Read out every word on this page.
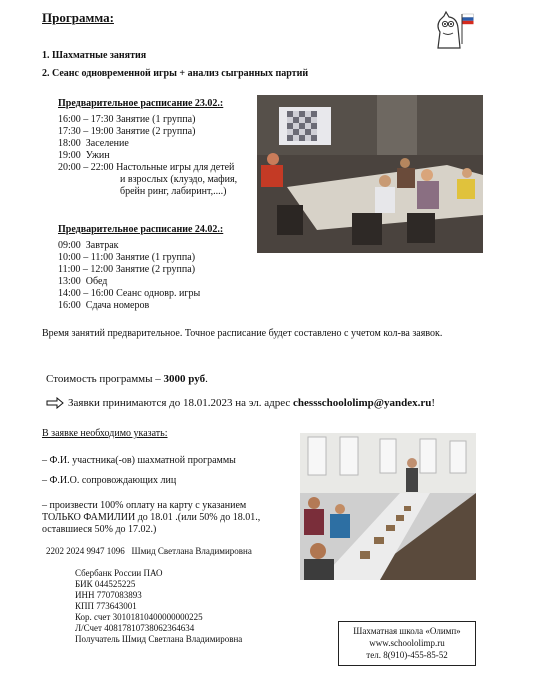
Программа:
1. Шахматные занятия
2. Сеанс одновременной игры + анализ сыгранных партий
Предварительное расписание 23.02.:
16:00 – 17:30
Занятие (1 группа)
17:30 – 19:00
Занятие (2 группа)
18:00
Заселение
19:00
Ужин
20:00 – 22:00
Настольные игры для детей
и взрослых (клуэдо, мафия,
брейн ринг, лабиринт,....)
Предварительное расписание 24.02.:
09:00
Завтрак
10:00 – 11:00
Занятие (1 группа)
11:00 – 12:00
Занятие (2 группа)
13:00
Обед
14:00 – 16:00
Сеанс однoвр. игры
16:00
Сдача номеров
Время занятий предварительное. Точное расписание будет составлено с учетом кол-ва заявок.
Стоимость программы – 3000 руб.
Заявки принимаются до 18.01.2023 на эл. адрес
chessschoololimp@yandex.ru !
В заявке необходимо указать:
– Ф.И. участника(-ов) шахматной программы
– Ф.И.О. сопровождающих лиц
– произвести 100% оплату на карту с указанием
ТОЛЬКО ФАМИЛИИ до 18.01 .(или 50% до 18.01.,
оставшиеся 50% до 17.02.)
2202 2024 9947 1096 Шмид Светлана Владимировна
Сбербанк России ПАО
БИК 044525225
ИНН 7707083893
КПП 773643001
Кор. счет 30101810400000000225
Л/Счет 40817810738062364634
Получатель Шмид Светлана Владимировна
Шахматная школа «Олимп»
www.schoololimp.ru
тел. 8(910)-455-85-52
